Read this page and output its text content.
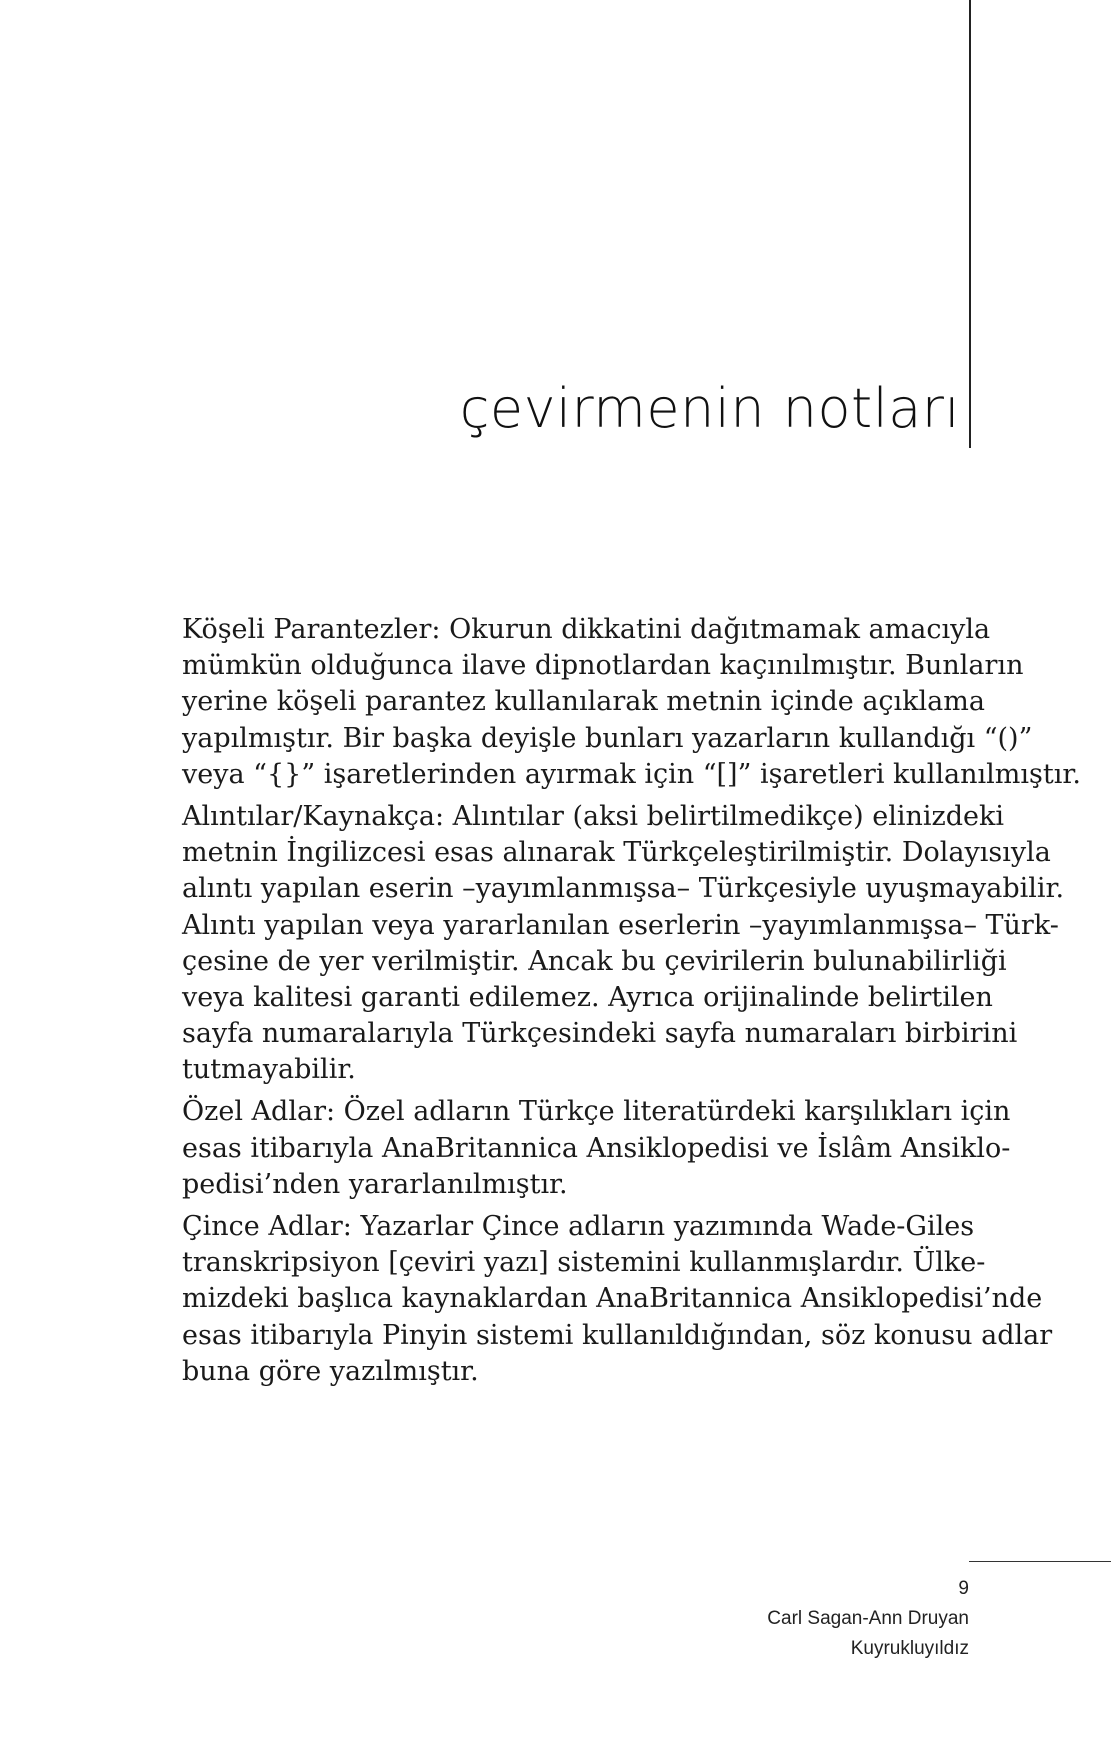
çevirmenin notları
Köşeli Parantezler: Okurun dikkatini dağıtmamak amacıyla
mümkün olduğunca ilave dipnotlardan kaçınılmıştır. Bunların
yerine köşeli parantez kullanılarak metnin içinde açıklama
yapılmıştır. Bir başka deyişle bunları yazarların kullandığı “()”
veya “{}” işaretlerinden ayırmak için “[]” işaretleri kullanılmıştır.
Alıntılar/Kaynakça: Alıntılar (aksi belirtilmedikçe) elinizdeki
metnin İngilizcesi esas alınarak Türkçeleştirilmiştir. Dolayısıyla
alıntı yapılan eserin –yayımlanmışsa– Türkçesiyle uyuşmayabilir.
Alıntı yapılan veya yararlanılan eserlerin –yayımlanmışsa– Türk-
çesine de yer verilmiştir. Ancak bu çevirilerin bulunabilirliği
veya kalitesi garanti edilemez. Ayrıca orijinalinde belirtilen
sayfa numaralarıyla Türkçesindeki sayfa numaraları birbirini
tutmayabilir.
Özel Adlar: Özel adların Türkçe literatürdeki karşılıkları için
esas itibarıyla AnaBritannica Ansiklopedisi ve İslâm Ansiklo-
pedisi’nden yararlanılmıştır.
Çince Adlar: Yazarlar Çince adların yazımında Wade-Giles
transkripsiyon [çeviri yazı] sistemini kullanmışlardır. Ülke-
mizdeki başlıca kaynaklardan AnaBritannica Ansiklopedisi’nde
esas itibarıyla Pinyin sistemi kullanıldığından, söz konusu adlar
buna göre yazılmıştır.
9
Carl Sagan-Ann Druyan
Kuyrukluyıldız
